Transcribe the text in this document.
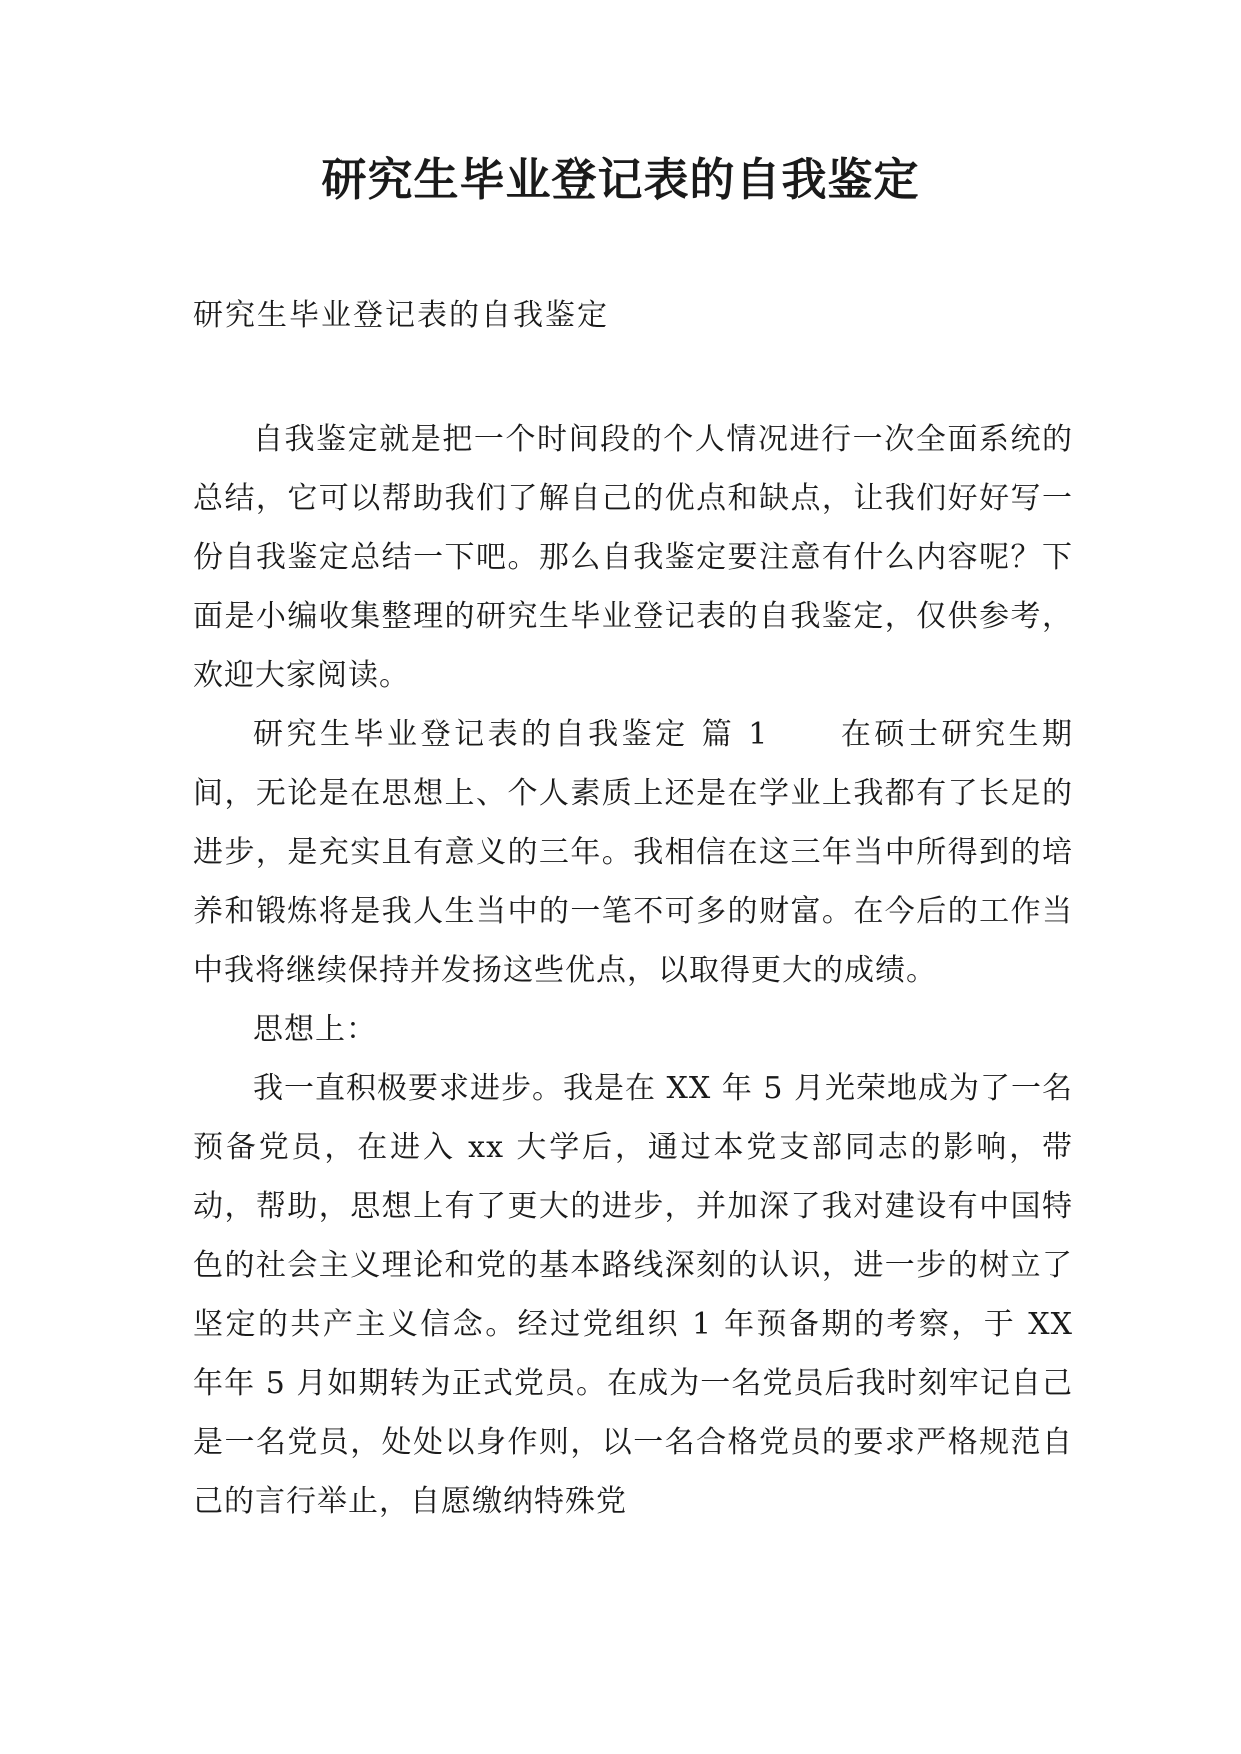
研究生毕业登记表的自我鉴定

研究生毕业登记表的自我鉴定

自我鉴定就是把一个时间段的个人情况进行一次全面系统的总结，它可以帮助我们了解自己的优点和缺点，让我们好好写一份自我鉴定总结一下吧。那么自我鉴定要注意有什么内容呢？下面是小编收集整理的研究生毕业登记表的自我鉴定，仅供参考，欢迎大家阅读。

研究生毕业登记表的自我鉴定 篇 1 在硕士研究生期间，无论是在思想上、个人素质上还是在学业上我都有了长足的进步，是充实且有意义的三年。我相信在这三年当中所得到的培养和锻炼将是我人生当中的一笔不可多的财富。在今后的工作当中我将继续保持并发扬这些优点，以取得更大的成绩。

思想上：

我一直积极要求进步。我是在 XX 年 5 月光荣地成为了一名预备党员，在进入 xx 大学后，通过本党支部同志的影响，带动，帮助，思想上有了更大的进步，并加深了我对建设有中国特色的社会主义理论和党的基本路线深刻的认识，进一步的树立了坚定的共产主义信念。经过党组织 1 年预备期的考察，于 XX 年年 5 月如期转为正式党员。在成为一名党员后我时刻牢记自己是一名党员，处处以身作则，以一名合格党员的要求严格规范自己的言行举止，自愿缴纳特殊党
